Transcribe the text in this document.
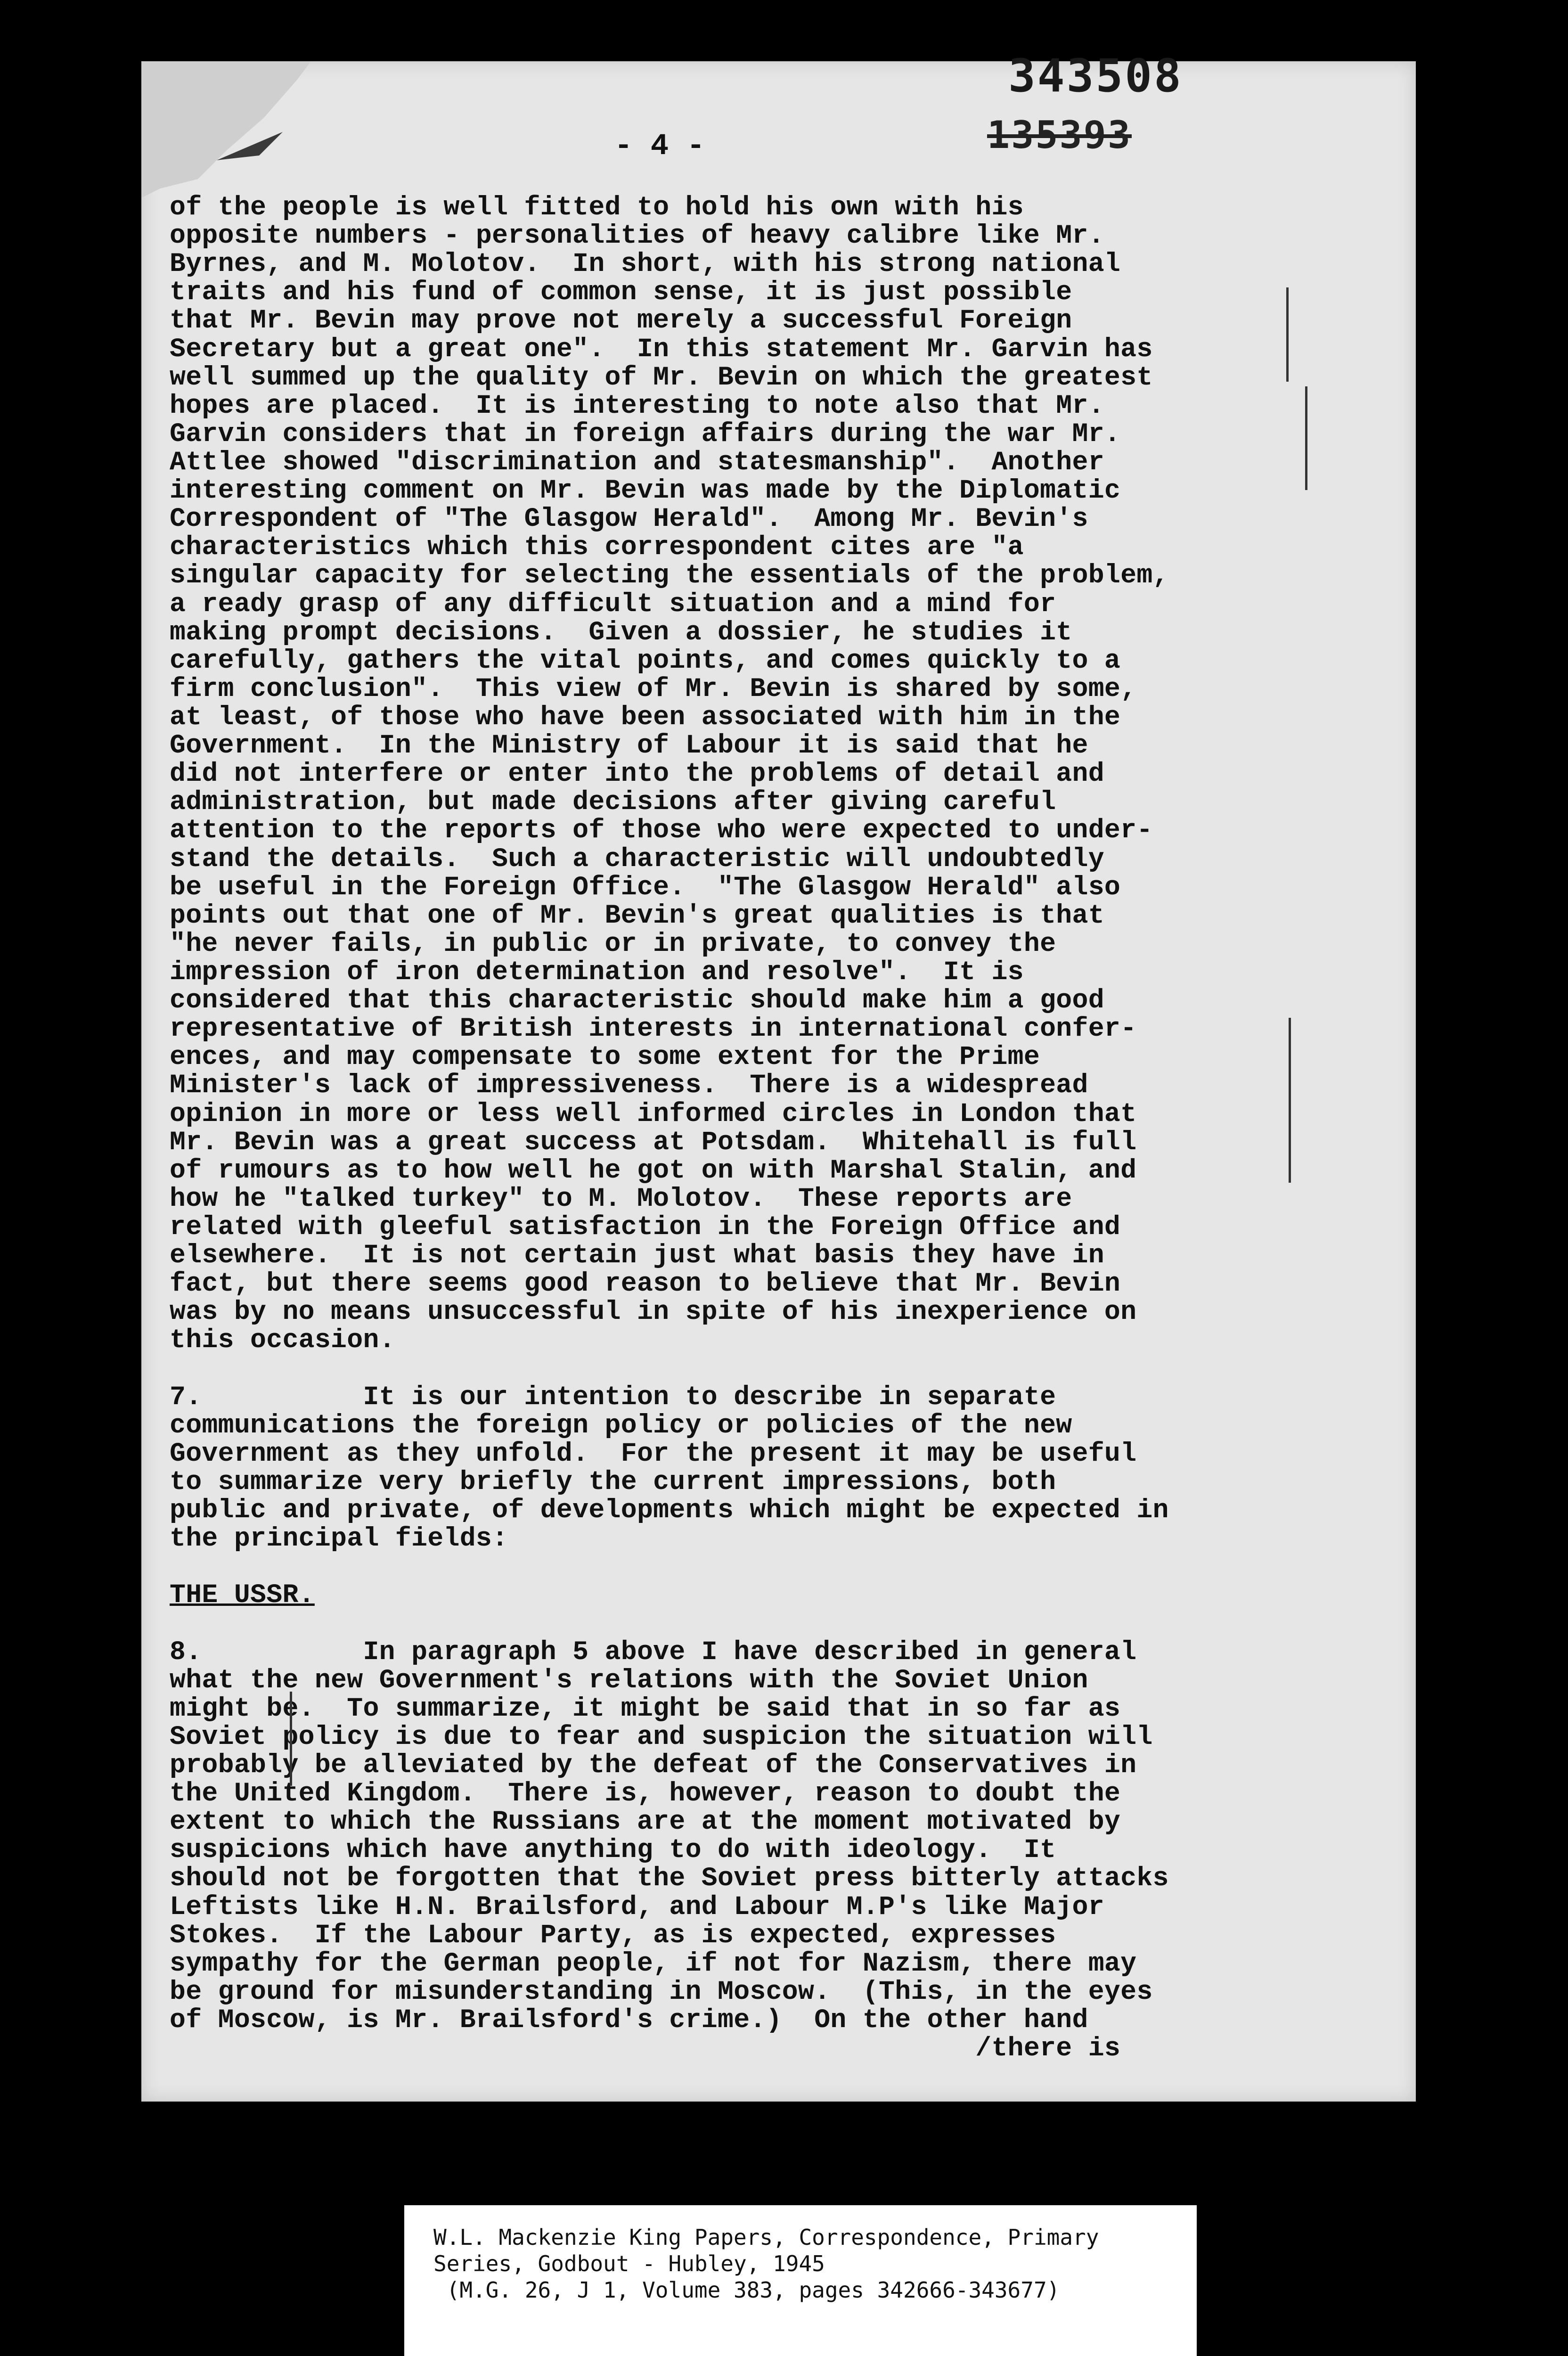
343508
135393
- 4 -
of the people is well fitted to hold his own with his
opposite numbers - personalities of heavy calibre like Mr.
Byrnes, and M. Molotov.  In short, with his strong national
traits and his fund of common sense, it is just possible
that Mr. Bevin may prove not merely a successful Foreign
Secretary but a great one".  In this statement Mr. Garvin has
well summed up the quality of Mr. Bevin on which the greatest
hopes are placed.  It is interesting to note also that Mr.
Garvin considers that in foreign affairs during the war Mr.
Attlee showed "discrimination and statesmanship".  Another
interesting comment on Mr. Bevin was made by the Diplomatic
Correspondent of "The Glasgow Herald".  Among Mr. Bevin's
characteristics which this correspondent cites are "a
singular capacity for selecting the essentials of the problem,
a ready grasp of any difficult situation and a mind for
making prompt decisions.  Given a dossier, he studies it
carefully, gathers the vital points, and comes quickly to a
firm conclusion".  This view of Mr. Bevin is shared by some,
at least, of those who have been associated with him in the
Government.  In the Ministry of Labour it is said that he
did not interfere or enter into the problems of detail and
administration, but made decisions after giving careful
attention to the reports of those who were expected to under-
stand the details.  Such a characteristic will undoubtedly
be useful in the Foreign Office.  "The Glasgow Herald" also
points out that one of Mr. Bevin's great qualities is that
"he never fails, in public or in private, to convey the
impression of iron determination and resolve".  It is
considered that this characteristic should make him a good
representative of British interests in international confer-
ences, and may compensate to some extent for the Prime
Minister's lack of impressiveness.  There is a widespread
opinion in more or less well informed circles in London that
Mr. Bevin was a great success at Potsdam.  Whitehall is full
of rumours as to how well he got on with Marshal Stalin, and
how he "talked turkey" to M. Molotov.  These reports are
related with gleeful satisfaction in the Foreign Office and
elsewhere.  It is not certain just what basis they have in
fact, but there seems good reason to believe that Mr. Bevin
was by no means unsuccessful in spite of his inexperience on
this occasion.

7.          It is our intention to describe in separate
communications the foreign policy or policies of the new
Government as they unfold.  For the present it may be useful
to summarize very briefly the current impressions, both
public and private, of developments which might be expected in
the principal fields:

THE USSR.

8.          In paragraph 5 above I have described in general
what the new Government's relations with the Soviet Union
might be.  To summarize, it might be said that in so far as
Soviet policy is due to fear and suspicion the situation will
probably be alleviated by the defeat of the Conservatives in
the United Kingdom.  There is, however, reason to doubt the
extent to which the Russians are at the moment motivated by
suspicions which have anything to do with ideology.  It
should not be forgotten that the Soviet press bitterly attacks
Leftists like H.N. Brailsford, and Labour M.P's like Major
Stokes.  If the Labour Party, as is expected, expresses
sympathy for the German people, if not for Nazism, there may
be ground for misunderstanding in Moscow.  (This, in the eyes
of Moscow, is Mr. Brailsford's crime.)  On the other hand
/there is

W.L. Mackenzie King Papers, Correspondence, Primary
Series, Godbout - Hubley, 1945
(M.G. 26, J 1, Volume 383, pages 342666-343677)
